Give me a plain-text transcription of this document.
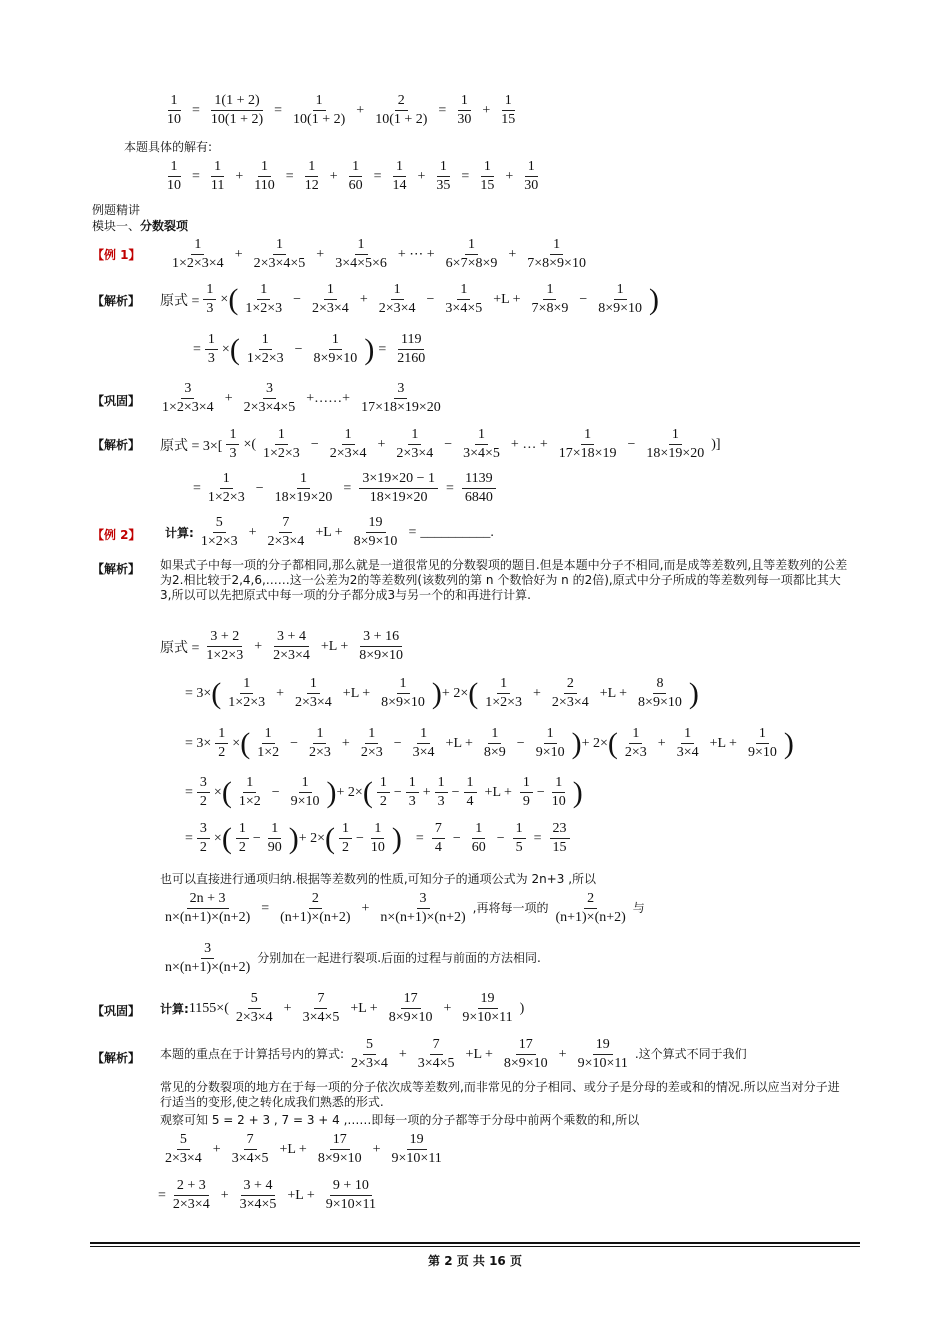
$\frac{1}{10} = \frac{1(1 + 2)}{10(1 + 2)} = \frac{1}{10(1 + 2)} + \frac{2}{10(1 + 2)} = \frac{1}{30} + \frac{1}{15}$
本题具体的解有:
$\frac{1}{10} = \frac{1}{11} + \frac{1}{110} = \frac{1}{12} + \frac{1}{60} = \frac{1}{14} + \frac{1}{35} = \frac{1}{15} + \frac{1}{30}$
例题精讲
模块一、分数裂项
【例 1】 $\frac{1}{1\times 2\times 3\times 4} + \frac{1}{2\times 3\times 4\times 5} + \frac{1}{3\times 4\times 5\times 6}$ + ⋯ + $\frac{1}{6\times 7\times 8\times 9} + \frac{1}{7\times 8\times 9\times 10}$
【解析】 原式 = $\frac{1}{3}$ × ( $\frac{1}{1\times 2\times 3} - \frac{1}{2\times 3\times 4} + \frac{1}{2\times 3\times 4} - \frac{1}{3\times 4\times 5} +L + \frac{1}{7\times 8\times 9} - \frac{1}{8\times 9\times 10}$ )
= $\frac{1}{3}$ × ( $\frac{1}{1\times 2\times 3} - \frac{1}{8\times 9\times 10}$ ) = $\frac{119}{2160}$
【巩固】 $\frac{3}{1\times 2\times 3\times 4} + \frac{3}{2\times 3\times 4\times 5}$ +……+ $\frac{3}{17\times 18\times 19\times 20}$
【解析】 原式 = $3\times[ \frac{1}{3}$ ×( $\frac{1}{1\times 2\times 3} - \frac{1}{2\times 3\times 4} + \frac{1}{2\times 3\times 4} - \frac{1}{3\times 4\times 5}$ + … + $\frac{1}{17\times 18\times 19} - \frac{1}{18\times 19\times 20}$ )]
= $\frac{1}{1\times 2\times 3} - \frac{1}{18\times 19\times 20} = \frac{3\times 19\times 20 - 1}{18\times 19\times 20} = \frac{1139}{6840}$
【例 2】 计算: $\frac{5}{1\times 2\times 3} + \frac{7}{2\times 3\times 4} +L + \frac{19}{8\times 9\times 10}$ = __________.
【解析】 如果式子中每一项的分子都相同,那么就是一道很常见的分数裂项的题目.但是本题中分子不相同,而是成等差数列,且等差数列的公差为2.相比较于2,4,6,……这一公差为2的等差数列(该数列的第 n 个数恰好为 n 的2倍),原式中分子所成的等差数列每一项都比其大3,所以可以先把原式中每一项的分子都分成3与另一个的和再进行计算.
原式 = $\frac{3 + 2}{1\times 2\times 3} + \frac{3 + 4}{2\times 3\times 4} +L + \frac{3 + 16}{8\times 9\times 10}$
= 3× ( $\frac{1}{1\times 2\times 3} + \frac{1}{2\times 3\times 4} +L + \frac{1}{8\times 9\times 10}$ ) + 2× ( $\frac{1}{1\times 2\times 3} + \frac{2}{2\times 3\times 4} +L + \frac{8}{8\times 9\times 10}$ )
= $3\times \frac{1}{2}$ × ( $\frac{1}{1\times 2} - \frac{1}{2\times 3} + \frac{1}{2\times 3} - \frac{1}{3\times 4} +L + \frac{1}{8\times 9} - \frac{1}{9\times 10}$ ) + 2× ( $\frac{1}{2\times 3} + \frac{1}{3\times 4} +L + \frac{1}{9\times 10}$ )
= $\frac{3}{2}$ × ( $\frac{1}{1\times 2} - \frac{1}{9\times 10}$ ) + 2× ( $\frac{1}{2} - \frac{1}{3} + \frac{1}{3} - \frac{1}{4} +L + \frac{1}{9} - \frac{1}{10}$ )
= $\frac{3}{2}$ × ( $\frac{1}{2} - \frac{1}{90}$ ) + 2× ( $\frac{1}{2} - \frac{1}{10}$ ) = $\frac{7}{4} - \frac{1}{60} - \frac{1}{5} = \frac{23}{15}$
也可以直接进行通项归纳.根据等差数列的性质,可知分子的通项公式为 2n+3 ,所以
$\frac{2n + 3}{n\times(n+1)\times(n+2)} = \frac{2}{(n+1)\times(n+2)} + \frac{3}{n\times(n+1)\times(n+2)}$ ,再将每一项的 $\frac{2}{(n+1)\times(n+2)}$ 与
$\frac{3}{n\times(n+1)\times(n+2)}$ 分别加在一起进行裂项.后面的过程与前面的方法相同.
【巩固】 计算: $1155\times( \frac{5}{2\times 3\times 4} + \frac{7}{3\times 4\times 5} +L + \frac{17}{8\times 9\times 10} + \frac{19}{9\times 10\times 11}$ )
【解析】 本题的重点在于计算括号内的算式: $\frac{5}{2\times 3\times 4} + \frac{7}{3\times 4\times 5} +L + \frac{17}{8\times 9\times 10} + \frac{19}{9\times 10\times 11}$ .这个算式不同于我们
常见的分数裂项的地方在于每一项的分子依次成等差数列,而非常见的分子相同、或分子是分母的差或和的情况.所以应当对分子进行适当的变形,使之转化成我们熟悉的形式.
观察可知 5 = 2 + 3 , 7 = 3 + 4 ,……即每一项的分子都等于分母中前两个乘数的和,所以
$\frac{5}{2\times 3\times 4} + \frac{7}{3\times 4\times 5} +L + \frac{17}{8\times 9\times 10} + \frac{19}{9\times 10\times 11}$
= $\frac{2 + 3}{2\times 3\times 4} + \frac{3 + 4}{3\times 4\times 5} +L + \frac{9 + 10}{9\times 10\times 11}$
第 2 页 共 16 页
